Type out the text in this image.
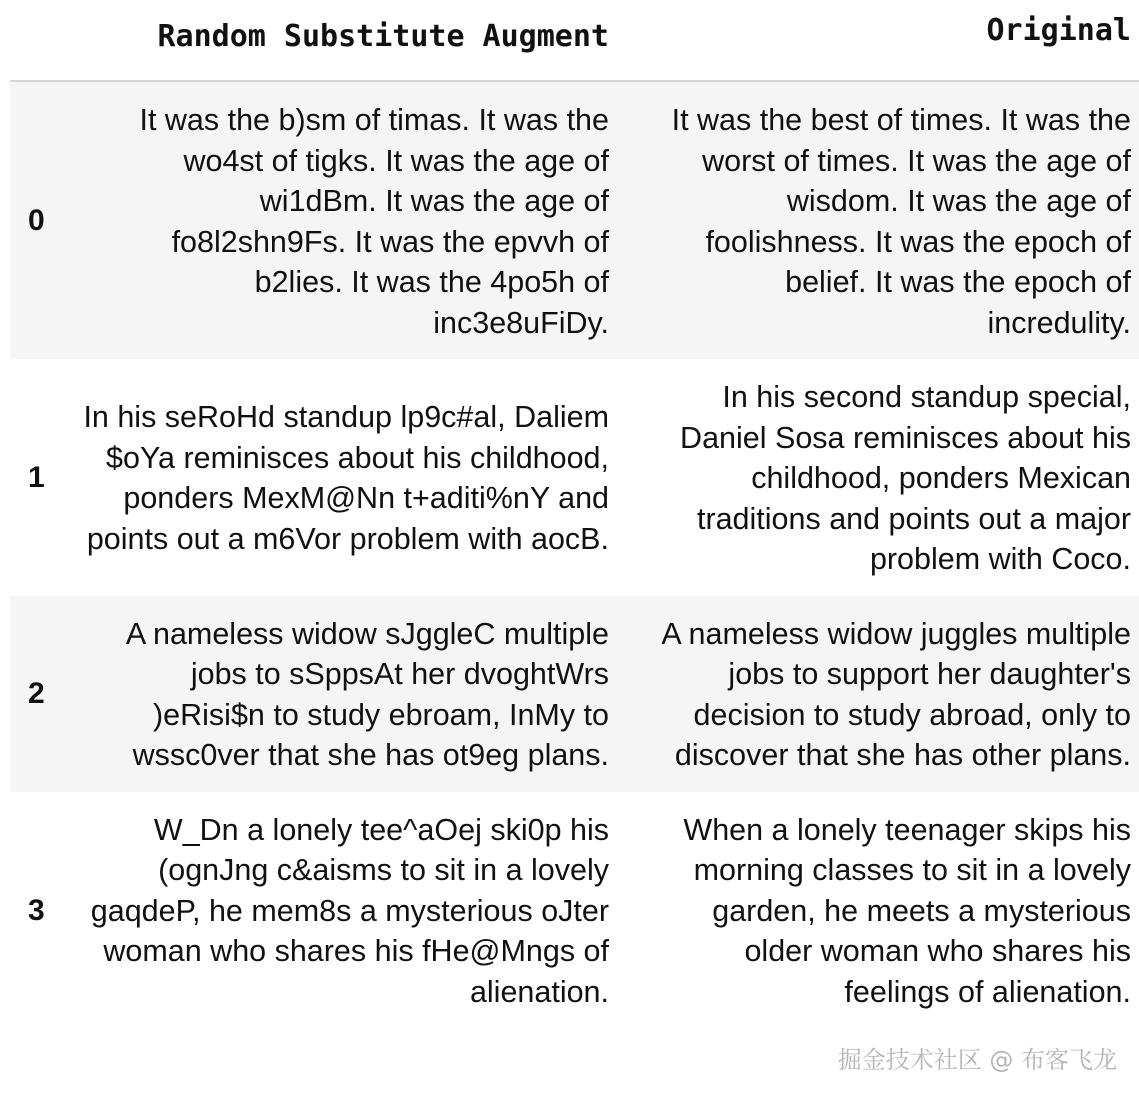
	Random Substitute Augment	Original
0	It was the b)sm of timas. It was the wo4st of tigks. It was the age of wi1dBm. It was the age of fo8l2shn9Fs. It was the epvvh of b2lies. It was the 4po5h of inc3e8uFiDy.	It was the best of times. It was the worst of times. It was the age of wisdom. It was the age of foolishness. It was the epoch of belief. It was the epoch of incredulity.
1	In his seRoHd standup lp9c#al, Daliem $oYa reminisces about his childhood, ponders MexM@Nn t+aditi%nY and points out a m6Vor problem with aocB.	In his second standup special, Daniel Sosa reminisces about his childhood, ponders Mexican traditions and points out a major problem with Coco.
2	A nameless widow sJggleC multiple jobs to sSppsAt her dvoghtWrs )eRisi$n to study ebroam, InMy to wssc0ver that she has ot9eg plans.	A nameless widow juggles multiple jobs to support her daughter's decision to study abroad, only to discover that she has other plans.
3	W_Dn a lonely tee^aOej ski0p his (ognJng c&aisms to sit in a lovely gaqdeP, he mem8s a mysterious oJter woman who shares his fHe@Mngs of alienation.	When a lonely teenager skips his morning classes to sit in a lovely garden, he meets a mysterious older woman who shares his feelings of alienation.
掘金技术社区 @ 布客飞龙
